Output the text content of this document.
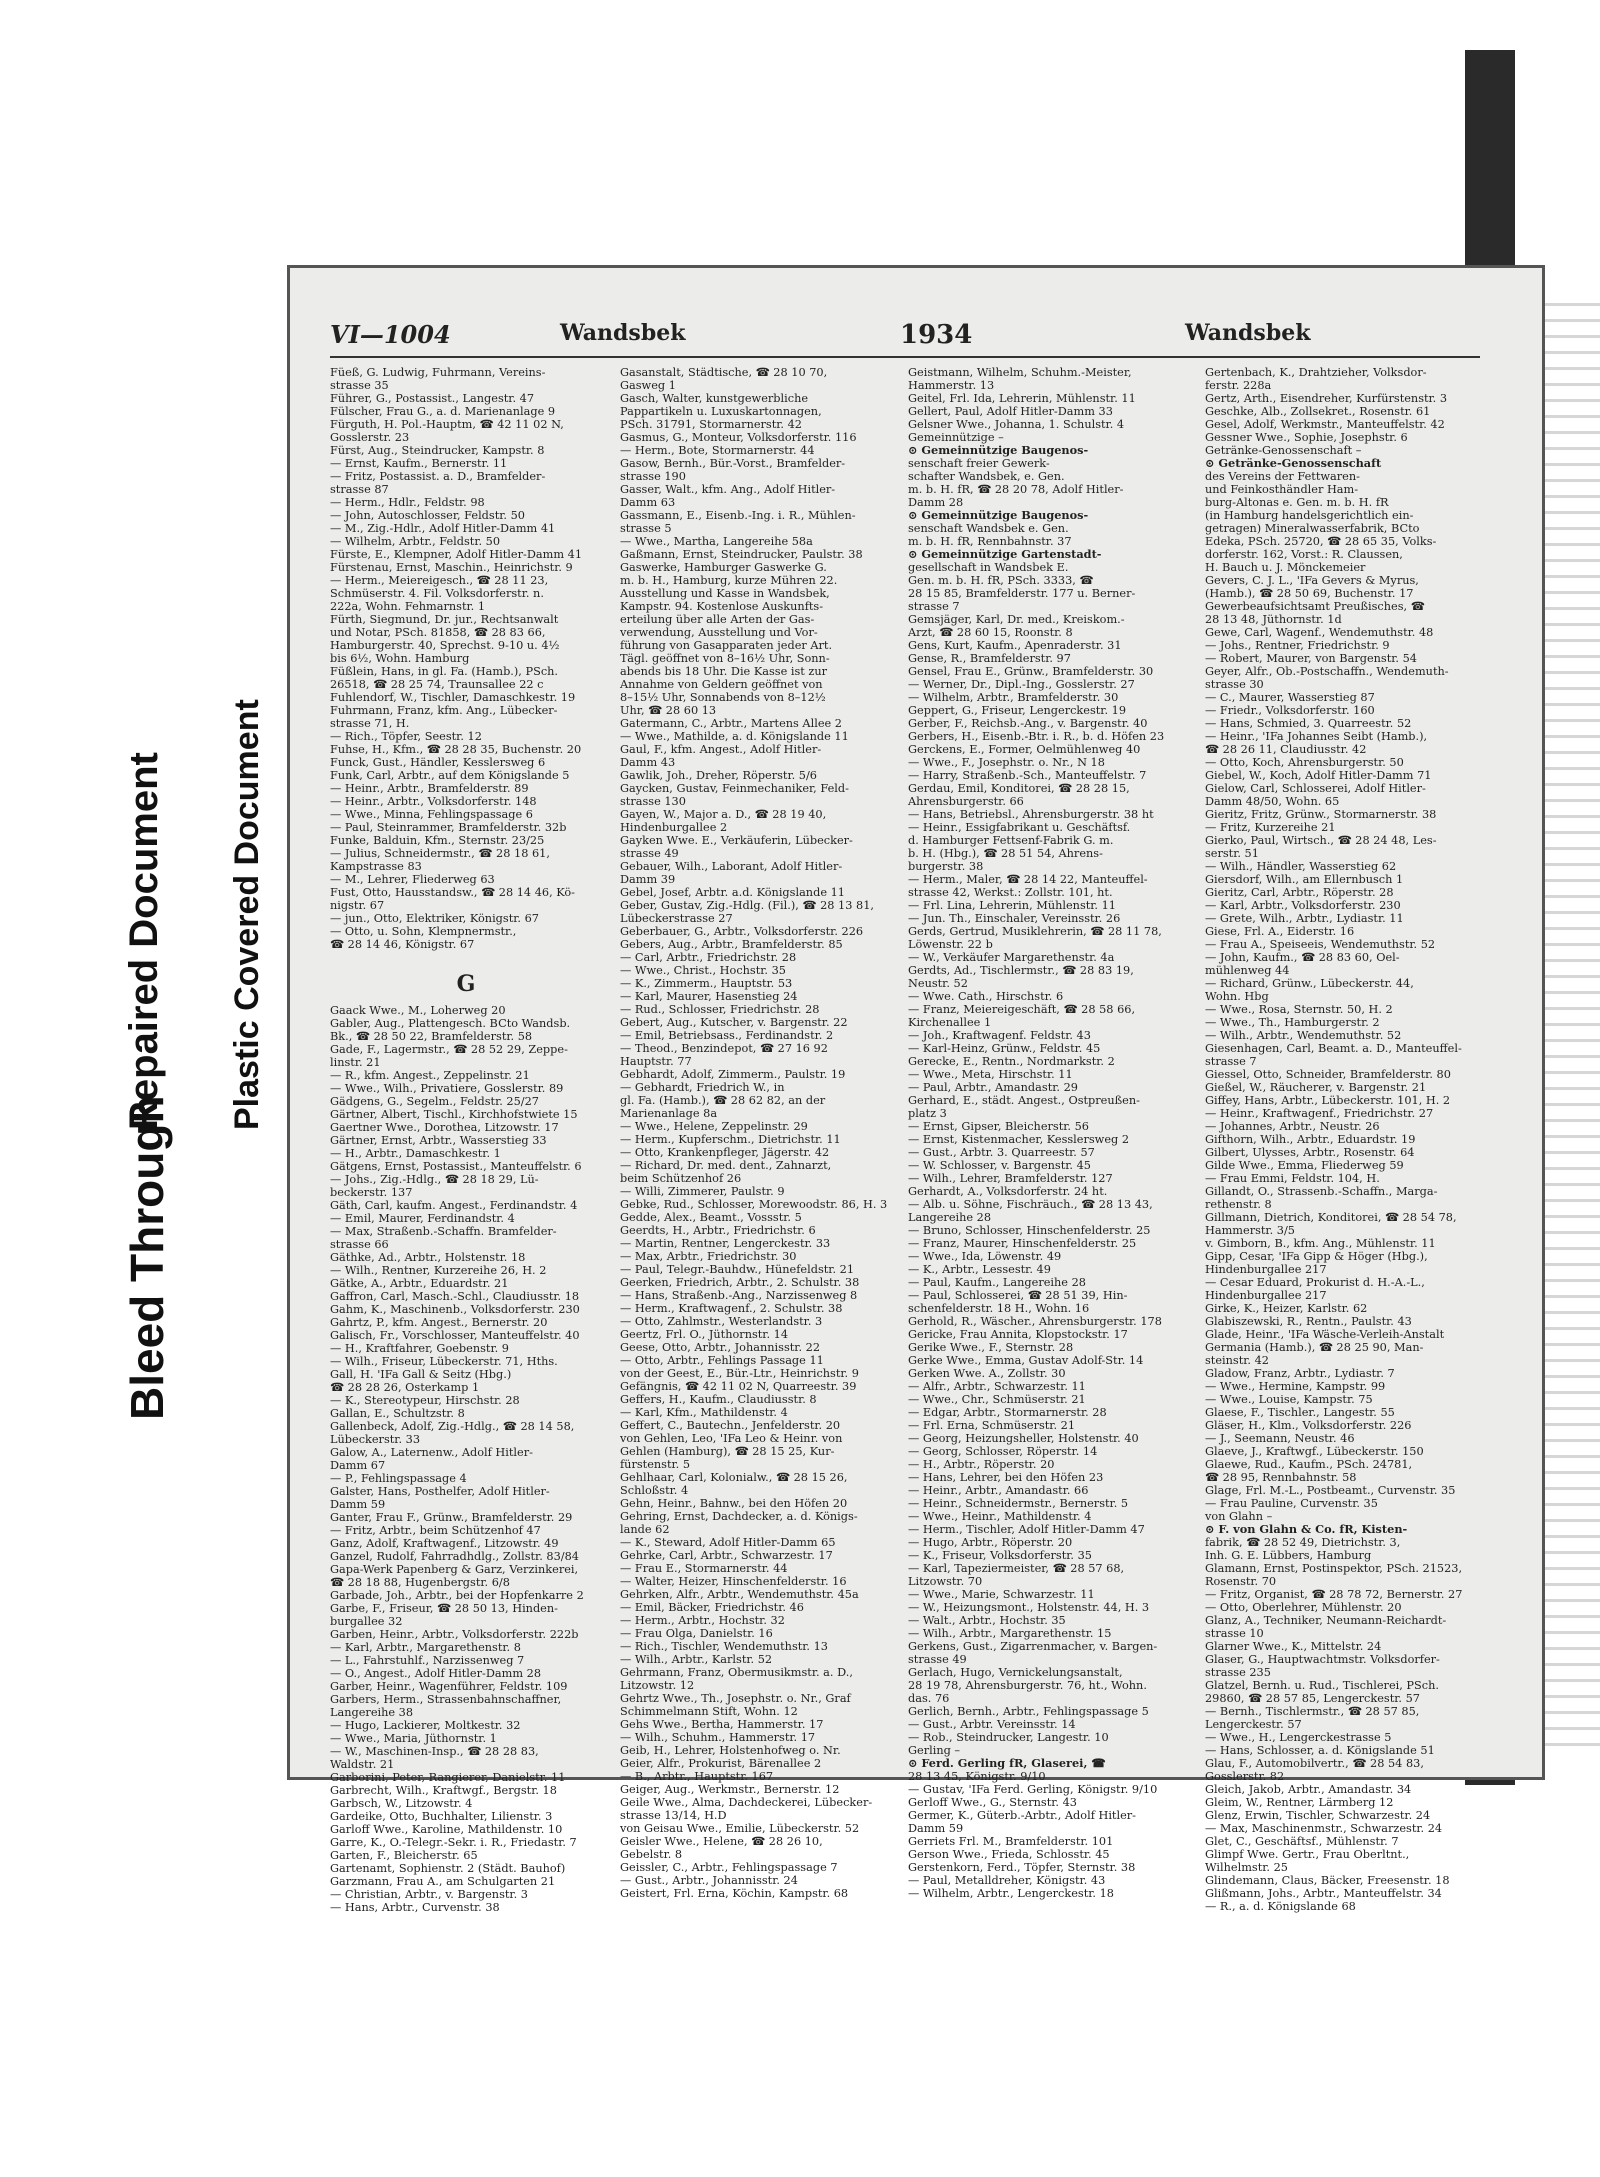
Bleed Through
Repaired Document Plastic Covered Document
VI—1004	Wandsbek	1934	Wandsbek
Füeß, G. Ludwig, Fuhrmann, Vereins-
strasse 35
Führer, G., Postassist., Langestr. 47
Fülscher, Frau G., a. d. Marienanlage 9
Fürguth, H. Pol.-Hauptm, ☎ 42 11 02 N,
Gosslerstr. 23
Fürst, Aug., Steindrucker, Kampstr. 8
— Ernst, Kaufm., Bernerstr. 11
— Fritz, Postassist. a. D., Bramfelder-
strasse 87
— Herm., Hdlr., Feldstr. 98
— John, Autoschlosser, Feldstr. 50
— M., Zig.-Hdlr., Adolf Hitler-Damm 41
— Wilhelm, Arbtr., Feldstr. 50
Fürste, E., Klempner, Adolf Hitler-Damm 41
Fürstenau, Ernst, Maschin., Heinrichstr. 9
— Herm., Meiereigesch., ☎ 28 11 23,
Schmüserstr. 4. Fil. Volksdorferstr. n.
222a, Wohn. Fehmarnstr. 1
Fürth, Siegmund, Dr. jur., Rechtsanwalt
und Notar, PSch. 81858, ☎ 28 83 66,
Hamburgerstr. 40, Sprechst. 9-10 u. 4½
bis 6½, Wohn. Hamburg
Füßlein, Hans, in gl. Fa. (Hamb.), PSch.
26518, ☎ 28 25 74, Traunsallee 22 c
Fuhlendorf, W., Tischler, Damaschkestr. 19
Fuhrmann, Franz, kfm. Ang., Lübecker-
strasse 71, H.
— Rich., Töpfer, Seestr. 12
Fuhse, H., Kfm., ☎ 28 28 35, Buchenstr. 20
Funck, Gust., Händler, Kesslersweg 6
Funk, Carl, Arbtr., auf dem Königslande 5
— Heinr., Arbtr., Bramfelderstr. 89
— Heinr., Arbtr., Volksdorferstr. 148
— Wwe., Minna, Fehlingspassage 6
— Paul, Steinrammer, Bramfelderstr. 32b
Funke, Balduin, Kfm., Sternstr. 23/25
— Julius, Schneidermstr., ☎ 28 18 61,
Kampstrasse 83
— M., Lehrer, Fliederweg 63
Fust, Otto, Hausstandsw., ☎ 28 14 46, Kö-
nigstr. 67
— jun., Otto, Elektriker, Königstr. 67
— Otto, u. Sohn, Klempnermstr.,
☎ 28 14 46, Königstr. 67
G
Gaack Wwe., M., Loherweg 20
Gabler, Aug., Plattengesch. BCto Wandsb.
Bk., ☎ 28 50 22, Bramfelderstr. 58
Gade, F., Lagermstr., ☎ 28 52 29, Zeppe-
linstr. 21
— R., kfm. Angest., Zeppelinstr. 21
— Wwe., Wilh., Privatiere, Gosslerstr. 89
Gädgens, G., Segelm., Feldstr. 25/27
Gärtner, Albert, Tischl., Kirchhofstwiete 15
Gaertner Wwe., Dorothea, Litzowstr. 17
Gärtner, Ernst, Arbtr., Wasserstieg 33
— H., Arbtr., Damaschkestr. 1
Gätgens, Ernst, Postassist., Manteuffelstr. 6
— Johs., Zig.-Hdlg., ☎ 28 18 29, Lü-
beckerstr. 137
Gäth, Carl, kaufm. Angest., Ferdinandstr. 4
— Emil, Maurer, Ferdinandstr. 4
— Max, Straßenb.-Schaffn. Bramfelder-
strasse 66
Gäthke, Ad., Arbtr., Holstenstr. 18
— Wilh., Rentner, Kurzereihe 26, H. 2
Gätke, A., Arbtr., Eduardstr. 21
Gaffron, Carl, Masch.-Schl., Claudiusstr. 18
Gahm, K., Maschinenb., Volksdorferstr. 230
Gahrtz, P., kfm. Angest., Bernerstr. 20
Galisch, Fr., Vorschlosser, Manteuffelstr. 40
— H., Kraftfahrer, Goebenstr. 9
— Wilh., Friseur, Lübeckerstr. 71, Hths.
Gall, H. 'IFa Gall & Seitz (Hbg.)
☎ 28 28 26, Osterkamp 1
— K., Stereotypeur, Hirschstr. 28
Gallan, E., Schultzstr. 8
Gallenbeck, Adolf, Zig.-Hdlg., ☎ 28 14 58,
Lübeckerstr. 33
Galow, A., Laternenw., Adolf Hitler-
Damm 67
— P., Fehlingspassage 4
Galster, Hans, Posthelfer, Adolf Hitler-
Damm 59
Ganter, Frau F., Grünw., Bramfelderstr. 29
— Fritz, Arbtr., beim Schützenhof 47
Ganz, Adolf, Kraftwagenf., Litzowstr. 49
Ganzel, Rudolf, Fahrradhdlg., Zollstr. 83/84
Gapa-Werk Papenberg & Garz, Verzinkerei,
☎ 28 18 88, Hugenbergstr. 6/8
Garbade, Joh., Arbtr., bei der Hopfenkarre 2
Garbe, F., Friseur, ☎ 28 50 13, Hinden-
burgallee 32
Garben, Heinr., Arbtr., Volksdorferstr. 222b
— Karl, Arbtr., Margarethenstr. 8
— L., Fahrstuhlf., Narzissenweg 7
— O., Angest., Adolf Hitler-Damm 28
Garber, Heinr., Wagenführer, Feldstr. 109
Garbers, Herm., Strassenbahnschaffner,
Langereihe 38
— Hugo, Lackierer, Moltkestr. 32
— Wwe., Maria, Jüthornstr. 1
— W., Maschinen-Insp., ☎ 28 28 83,
Waldstr. 21
Garborini, Peter, Rangierer, Danielstr. 11
Garbrecht, Wilh., Kraftwgf., Bergstr. 18
Garbsch, W., Litzowstr. 4
Gardeike, Otto, Buchhalter, Lilienstr. 3
Garloff Wwe., Karoline, Mathildenstr. 10
Garre, K., O.-Telegr.-Sekr. i. R., Friedastr. 7
Garten, F., Bleicherstr. 65
Gartenamt, Sophienstr. 2 (Städt. Bauhof)
Garzmann, Frau A., am Schulgarten 21
— Christian, Arbtr., v. Bargenstr. 3
— Hans, Arbtr., Curvenstr. 38
Gasanstalt, Städtische, ☎ 28 10 70,
Gasweg 1
Gasch, Walter, kunstgewerbliche
Pappartikeln u. Luxuskartonnagen,
PSch. 31791, Stormarnerstr. 42
Gasmus, G., Monteur, Volksdorferstr. 116
— Herm., Bote, Stormarnerstr. 44
Gasow, Bernh., Bür.-Vorst., Bramfelder-
strasse 190
Gasser, Walt., kfm. Ang., Adolf Hitler-
Damm 63
Gassmann, E., Eisenb.-Ing. i. R., Mühlen-
strasse 5
— Wwe., Martha, Langereihe 58a
Gaßmann, Ernst, Steindrucker, Paulstr. 38
Gaswerke, Hamburger Gaswerke G.
m. b. H., Hamburg, kurze Mühren 22.
Ausstellung und Kasse in Wandsbek,
Kampstr. 94. Kostenlose Auskunfts-
erteilung über alle Arten der Gas-
verwendung, Ausstellung und Vor-
führung von Gasapparaten jeder Art.
Tägl. geöffnet von 8–16½ Uhr, Sonn-
abends bis 18 Uhr. Die Kasse ist zur
Annahme von Geldern geöffnet von
8–15½ Uhr, Sonnabends von 8–12½
Uhr, ☎ 28 60 13
Gatermann, C., Arbtr., Martens Allee 2
— Wwe., Mathilde, a. d. Königslande 11
Gaul, F., kfm. Angest., Adolf Hitler-
Damm 43
Gawlik, Joh., Dreher, Röperstr. 5/6
Gaycken, Gustav, Feinmechaniker, Feld-
strasse 130
Gayen, W., Major a. D., ☎ 28 19 40,
Hindenburgallee 2
Gayken Wwe. E., Verkäuferin, Lübecker-
strasse 49
Gebauer, Wilh., Laborant, Adolf Hitler-
Damm 39
Gebel, Josef, Arbtr. a.d. Königslande 11
Geber, Gustav, Zig.-Hdlg. (Fil.), ☎ 28 13 81,
Lübeckerstrasse 27
Geberbauer, G., Arbtr., Volksdorferstr. 226
Gebers, Aug., Arbtr., Bramfelderstr. 85
— Carl, Arbtr., Friedrichstr. 28
— Wwe., Christ., Hochstr. 35
— K., Zimmerm., Hauptstr. 53
— Karl, Maurer, Hasenstieg 24
— Rud., Schlosser, Friedrichstr. 28
Gebert, Aug., Kutscher, v. Bargenstr. 22
— Emil, Betriebsass., Ferdinandstr. 2
— Theod., Benzindepot, ☎ 27 16 92
Hauptstr. 77
Gebhardt, Adolf, Zimmerm., Paulstr. 19
— Gebhardt, Friedrich W., in
gl. Fa. (Hamb.), ☎ 28 62 82, an der
Marienanlage 8a
— Wwe., Helene, Zeppelinstr. 29
— Herm., Kupferschm., Dietrichstr. 11
— Otto, Krankenpfleger, Jägerstr. 42
— Richard, Dr. med. dent., Zahnarzt,
beim Schützenhof 26
— Willi, Zimmerer, Paulstr. 9
Gebke, Rud., Schlosser, Morewoodstr. 86, H. 3
Gedde, Alex., Beamt., Vossstr. 5
Geerdts, H., Arbtr., Friedrichstr. 6
— Martin, Rentner, Lengerckestr. 33
— Max, Arbtr., Friedrichstr. 30
— Paul, Telegr.-Bauhdw., Hünefeldstr. 21
Geerken, Friedrich, Arbtr., 2. Schulstr. 38
— Hans, Straßenb.-Ang., Narzissenweg 8
— Herm., Kraftwagenf., 2. Schulstr. 38
— Otto, Zahlmstr., Westerlandstr. 3
Geertz, Frl. O., Jüthornstr. 14
Geese, Otto, Arbtr., Johannisstr. 22
— Otto, Arbtr., Fehlings Passage 11
von der Geest, E., Bür.-Ltr., Heinrichstr. 9
Gefängnis, ☎ 42 11 02 N, Quarreestr. 39
Geffers, H., Kaufm., Claudiusstr. 8
— Karl, Kfm., Mathildenstr. 4
Geffert, C., Bautechn., Jenfelderstr. 20
von Gehlen, Leo, 'IFa Leo & Heinr. von
Gehlen (Hamburg), ☎ 28 15 25, Kur-
fürstenstr. 5
Gehlhaar, Carl, Kolonialw., ☎ 28 15 26,
Schloßstr. 4
Gehn, Heinr., Bahnw., bei den Höfen 20
Gehring, Ernst, Dachdecker, a. d. Königs-
lande 62
— K., Steward, Adolf Hitler-Damm 65
Gehrke, Carl, Arbtr., Schwarzestr. 17
— Frau E., Stormarnerstr. 44
— Walter, Heizer, Hinschenfelderstr. 16
Gehrken, Alfr., Arbtr., Wendemuthstr. 45a
— Emil, Bäcker, Friedrichstr. 46
— Herm., Arbtr., Hochstr. 32
— Frau Olga, Danielstr. 16
— Rich., Tischler, Wendemuthstr. 13
— Wilh., Arbtr., Karlstr. 52
Gehrmann, Franz, Obermusikmstr. a. D.,
Litzowstr. 12
Gehrtz Wwe., Th., Josephstr. o. Nr., Graf
Schimmelmann Stift, Wohn. 12
Gehs Wwe., Bertha, Hammerstr. 17
— Wilh., Schuhm., Hammerstr. 17
Geib, H., Lehrer, Holstenhofweg o. Nr.
Geier, Alfr., Prokurist, Bärenallee 2
— B., Arbtr., Hauptstr. 167
Geiger, Aug., Werkmstr., Bernerstr. 12
Geile Wwe., Alma, Dachdeckerei, Lübecker-
strasse 13/14, H.D
von Geisau Wwe., Emilie, Lübeckerstr. 52
Geisler Wwe., Helene, ☎ 28 26 10,
Gebelstr. 8
Geissler, C., Arbtr., Fehlingspassage 7
— Gust., Arbtr., Johannisstr. 24
Geistert, Frl. Erna, Köchin, Kampstr. 68
Geistmann, Wilhelm, Schuhm.-Meister,
Hammerstr. 13
Geitel, Frl. Ida, Lehrerin, Mühlenstr. 11
Gellert, Paul, Adolf Hitler-Damm 33
Gelsner Wwe., Johanna, 1. Schulstr. 4
Gemeinnützige –
⊙ Gemeinnützige Baugenos-
senschaft freier Gewerk-
schafter Wandsbek, e. Gen.
m. b. H. fR, ☎ 28 20 78, Adolf Hitler-
Damm 28
⊙ Gemeinnützige Baugenos-
senschaft Wandsbek e. Gen.
m. b. H. fR, Rennbahnstr. 37
⊙ Gemeinnützige Gartenstadt-
gesellschaft in Wandsbek E.
Gen. m. b. H. fR, PSch. 3333, ☎
28 15 85, Bramfelderstr. 177 u. Berner-
strasse 7
Gemsjäger, Karl, Dr. med., Kreiskom.-
Arzt, ☎ 28 60 15, Roonstr. 8
Gens, Kurt, Kaufm., Apenraderstr. 31
Gense, R., Bramfelderstr. 97
Gensel, Frau E., Grünw., Bramfelderstr. 30
— Werner, Dr., Dipl.-Ing., Gosslerstr. 27
— Wilhelm, Arbtr., Bramfelderstr. 30
Geppert, G., Friseur, Lengerckestr. 19
Gerber, F., Reichsb.-Ang., v. Bargenstr. 40
Gerbers, H., Eisenb.-Btr. i. R., b. d. Höfen 23
Gerckens, E., Former, Oelmühlenweg 40
— Wwe., F., Josephstr. o. Nr., N 18
— Harry, Straßenb.-Sch., Manteuffelstr. 7
Gerdau, Emil, Konditorei, ☎ 28 28 15,
Ahrensburgerstr. 66
— Hans, Betriebsl., Ahrensburgerstr. 38 ht
— Heinr., Essigfabrikant u. Geschäftsf.
d. Hamburger Fettsenf-Fabrik G. m.
b. H. (Hbg.), ☎ 28 51 54, Ahrens-
burgerstr. 38
— Herm., Maler, ☎ 28 14 22, Manteuffel-
strasse 42, Werkst.: Zollstr. 101, ht.
— Frl. Lina, Lehrerin, Mühlenstr. 11
— Jun. Th., Einschaler, Vereinsstr. 26
Gerds, Gertrud, Musiklehrerin, ☎ 28 11 78,
Löwenstr. 22 b
— W., Verkäufer Margarethenstr. 4a
Gerdts, Ad., Tischlermstr., ☎ 28 83 19,
Neustr. 52
— Wwe. Cath., Hirschstr. 6
— Franz, Meiereigeschäft, ☎ 28 58 66,
Kirchenallee 1
— Joh., Kraftwagenf. Feldstr. 43
— Karl-Heinz, Grünw., Feldstr. 45
Gerecke, E., Rentn., Nordmarkstr. 2
— Wwe., Meta, Hirschstr. 11
— Paul, Arbtr., Amandastr. 29
Gerhard, E., städt. Angest., Ostpreußen-
platz 3
— Ernst, Gipser, Bleicherstr. 56
— Ernst, Kistenmacher, Kesslersweg 2
— Gust., Arbtr. 3. Quarreestr. 57
— W. Schlosser, v. Bargenstr. 45
— Wilh., Lehrer, Bramfelderstr. 127
Gerhardt, A., Volksdorferstr. 24 ht.
— Alb. u. Söhne, Fischräuch., ☎ 28 13 43,
Langereihe 28
— Bruno, Schlosser, Hinschenfelderstr. 25
— Franz, Maurer, Hinschenfelderstr. 25
— Wwe., Ida, Löwenstr. 49
— K., Arbtr., Lessestr. 49
— Paul, Kaufm., Langereihe 28
— Paul, Schlosserei, ☎ 28 51 39, Hin-
schenfelderstr. 18 H., Wohn. 16
Gerhold, R., Wäscher., Ahrensburgerstr. 178
Gericke, Frau Annita, Klopstockstr. 17
Gerike Wwe., F., Sternstr. 28
Gerke Wwe., Emma, Gustav Adolf-Str. 14
Gerken Wwe. A., Zollstr. 30
— Alfr., Arbtr., Schwarzestr. 11
— Wwe., Chr., Schmüserstr. 21
— Edgar, Arbtr., Stormarnerstr. 28
— Frl. Erna, Schmüserstr. 21
— Georg, Heizungsheller, Holstenstr. 40
— Georg, Schlosser, Röperstr. 14
— H., Arbtr., Röperstr. 20
— Hans, Lehrer, bei den Höfen 23
— Heinr., Arbtr., Amandastr. 66
— Heinr., Schneidermstr., Bernerstr. 5
— Wwe., Heinr., Mathildenstr. 4
— Herm., Tischler, Adolf Hitler-Damm 47
— Hugo, Arbtr., Röperstr. 20
— K., Friseur, Volksdorferstr. 35
— Karl, Tapeziermeister, ☎ 28 57 68,
Litzowstr. 70
— Wwe., Marie, Schwarzestr. 11
— W., Heizungsmont., Holstenstr. 44, H. 3
— Walt., Arbtr., Hochstr. 35
— Wilh., Arbtr., Margarethenstr. 15
Gerkens, Gust., Zigarrenmacher, v. Bargen-
strasse 49
Gerlach, Hugo, Vernickelungsanstalt,
28 19 78, Ahrensburgerstr. 76, ht., Wohn.
das. 76
Gerlich, Bernh., Arbtr., Fehlingspassage 5
— Gust., Arbtr. Vereinsstr. 14
— Rob., Steindrucker, Langestr. 10
Gerling –
⊙ Ferd. Gerling fR, Glaserei, ☎
28 13 45, Königstr. 9/10
— Gustav, 'IFa Ferd. Gerling, Königstr. 9/10
Gerloff Wwe., G., Sternstr. 43
Germer, K., Güterb.-Arbtr., Adolf Hitler-
Damm 59
Gerriets Frl. M., Bramfelderstr. 101
Gerson Wwe., Frieda, Schlosstr. 45
Gerstenkorn, Ferd., Töpfer, Sternstr. 38
— Paul, Metalldreher, Königstr. 43
— Wilhelm, Arbtr., Lengerckestr. 18
Gertenbach, K., Drahtzieher, Volksdor-
ferstr. 228a
Gertz, Arth., Eisendreher, Kurfürstenstr. 3
Geschke, Alb., Zollsekret., Rosenstr. 61
Gesel, Adolf, Werkmstr., Manteuffelstr. 42
Gessner Wwe., Sophie, Josephstr. 6
Getränke-Genossenschaft –
⊙ Getränke-Genossenschaft
des Vereins der Fettwaren-
und Feinkosthändler Ham-
burg-Altonas e. Gen. m. b. H. fR
(in Hamburg handelsgerichtlich ein-
getragen) Mineralwasserfabrik, BCto
Edeka, PSch. 25720, ☎ 28 65 35, Volks-
dorferstr. 162, Vorst.: R. Claussen,
H. Bauch u. J. Mönckemeier
Gevers, C. J. L., 'IFa Gevers & Myrus,
(Hamb.), ☎ 28 50 69, Buchenstr. 17
Gewerbeaufsichtsamt Preußisches, ☎
28 13 48, Jüthornstr. 1d
Gewe, Carl, Wagenf., Wendemuthstr. 48
— Johs., Rentner, Friedrichstr. 9
— Robert, Maurer, von Bargenstr. 54
Geyer, Alfr., Ob.-Postschaffn., Wendemuth-
strasse 30
— C., Maurer, Wasserstieg 87
— Friedr., Volksdorferstr. 160
— Hans, Schmied, 3. Quarreestr. 52
— Heinr., 'IFa Johannes Seibt (Hamb.),
☎ 28 26 11, Claudiusstr. 42
— Otto, Koch, Ahrensburgerstr. 50
Giebel, W., Koch, Adolf Hitler-Damm 71
Gielow, Carl, Schlosserei, Adolf Hitler-
Damm 48/50, Wohn. 65
Gieritz, Fritz, Grünw., Stormarnerstr. 38
— Fritz, Kurzereihe 21
Gierko, Paul, Wirtsch., ☎ 28 24 48, Les-
serstr. 51
— Wilh., Händler, Wasserstieg 62
Giersdorf, Wilh., am Ellernbusch 1
Gieritz, Carl, Arbtr., Röperstr. 28
— Karl, Arbtr., Volksdorferstr. 230
— Grete, Wilh., Arbtr., Lydiastr. 11
Giese, Frl. A., Eiderstr. 16
— Frau A., Speiseeis, Wendemuthstr. 52
— John, Kaufm., ☎ 28 83 60, Oel-
mühlenweg 44
— Richard, Grünw., Lübeckerstr. 44,
Wohn. Hbg
— Wwe., Rosa, Sternstr. 50, H. 2
— Wwe., Th., Hamburgerstr. 2
— Wilh., Arbtr., Wendemuthstr. 52
Giesenhagen, Carl, Beamt. a. D., Manteuffel-
strasse 7
Giessel, Otto, Schneider, Bramfelderstr. 80
Gießel, W., Räucherer, v. Bargenstr. 21
Giffey, Hans, Arbtr., Lübeckerstr. 101, H. 2
— Heinr., Kraftwagenf., Friedrichstr. 27
— Johannes, Arbtr., Neustr. 26
Gifthorn, Wilh., Arbtr., Eduardstr. 19
Gilbert, Ulysses, Arbtr., Rosenstr. 64
Gilde Wwe., Emma, Fliederweg 59
— Frau Emmi, Feldstr. 104, H.
Gillandt, O., Strassenb.-Schaffn., Marga-
rethenstr. 8
Gillmann, Dietrich, Konditorei, ☎ 28 54 78,
Hammerstr. 3/5
v. Gimborn, B., kfm. Ang., Mühlenstr. 11
Gipp, Cesar, 'IFa Gipp & Höger (Hbg.),
Hindenburgallee 217
— Cesar Eduard, Prokurist d. H.-A.-L.,
Hindenburgallee 217
Girke, K., Heizer, Karlstr. 62
Glabiszewski, R., Rentn., Paulstr. 43
Glade, Heinr., 'IFa Wäsche-Verleih-Anstalt
Germania (Hamb.), ☎ 28 25 90, Man-
steinstr. 42
Gladow, Franz, Arbtr., Lydiastr. 7
— Wwe., Hermine, Kampstr. 99
— Wwe., Louise, Kampstr. 75
Glaese, F., Tischler., Langestr. 55
Gläser, H., Klm., Volksdorferstr. 226
— J., Seemann, Neustr. 46
Glaeve, J., Kraftwgf., Lübeckerstr. 150
Glaewe, Rud., Kaufm., PSch. 24781,
☎ 28 95, Rennbahnstr. 58
Glage, Frl. M.-L., Postbeamt., Curvenstr. 35
— Frau Pauline, Curvenstr. 35
von Glahn –
⊙ F. von Glahn & Co. fR, Kisten-
fabrik, ☎ 28 52 49, Dietrichstr. 3,
Inh. G. E. Lübbers, Hamburg
Glamann, Ernst, Postinspektor, PSch. 21523,
Rosenstr. 70
— Fritz, Organist, ☎ 28 78 72, Bernerstr. 27
— Otto, Oberlehrer, Mühlenstr. 20
Glanz, A., Techniker, Neumann-Reichardt-
strasse 10
Glarner Wwe., K., Mittelstr. 24
Glaser, G., Hauptwachtmstr. Volksdorfer-
strasse 235
Glatzel, Bernh. u. Rud., Tischlerei, PSch.
29860, ☎ 28 57 85, Lengerckestr. 57
— Bernh., Tischlermstr., ☎ 28 57 85,
Lengerckestr. 57
— Wwe., H., Lengerckestrasse 5
— Hans, Schlosser, a. d. Königslande 51
Glau, F., Automobilvertr., ☎ 28 54 83,
Gosslerstr. 82
Gleich, Jakob, Arbtr., Amandastr. 34
Gleim, W., Rentner, Lärmberg 12
Glenz, Erwin, Tischler, Schwarzestr. 24
— Max, Maschinenmstr., Schwarzestr. 24
Glet, C., Geschäftsf., Mühlenstr. 7
Glimpf Wwe. Gertr., Frau Oberltnt.,
Wilhelmstr. 25
Glindemann, Claus, Bäcker, Freesenstr. 18
Glißmann, Johs., Arbtr., Manteuffelstr. 34
— R., a. d. Königslande 68
